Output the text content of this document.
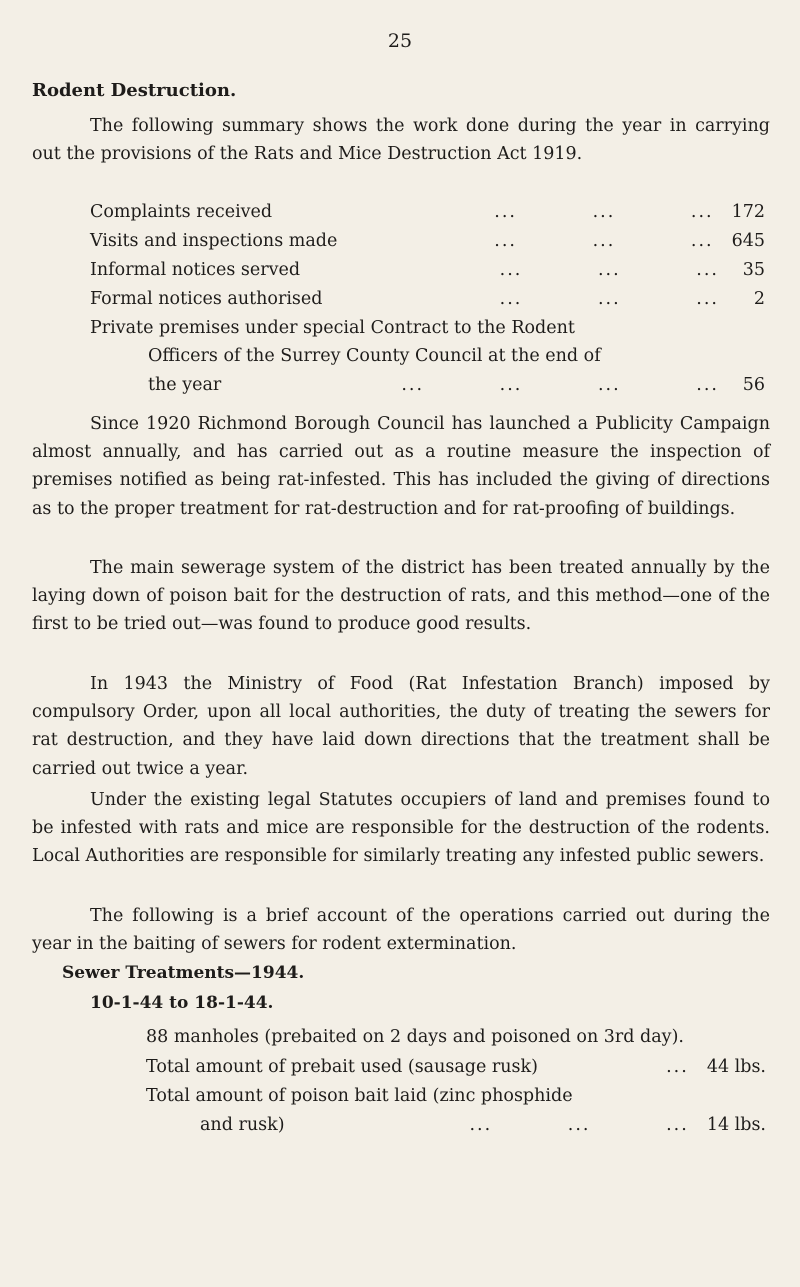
25
Rodent Destruction.

The following summary shows the work done during the year in carrying out the provisions of the Rats and Mice Destruction Act 1919.

Complaints received	...          ...          ...	172
Visits and inspections made	...          ...          ...	645
Informal notices served	...          ...          ...	35
Formal notices authorised	...          ...          ...	2
Private premises under special Contract to the Rodent
Officers of the Surrey County Council at the end of
the year	...          ...          ...          ...	56

Since 1920 Richmond Borough Council has launched a Publicity Campaign almost annually, and has carried out as a routine measure the inspection of premises notified as being rat-infested. This has included the giving of directions as to the proper treatment for rat-destruction and for rat-proofing of buildings.

The main sewerage system of the district has been treated annually by the laying down of poison bait for the destruction of rats, and this method—one of the first to be tried out—was found to produce good results.

In 1943 the Ministry of Food (Rat Infestation Branch) imposed by compulsory Order, upon all local authorities, the duty of treating the sewers for rat destruction, and they have laid down directions that the treatment shall be carried out twice a year.

Under the existing legal Statutes occupiers of land and premises found to be infested with rats and mice are responsible for the destruction of the rodents. Local Authorities are responsible for similarly treating any infested public sewers.

The following is a brief account of the operations carried out during the year in the baiting of sewers for rodent extermination.

Sewer Treatments—1944.
10-1-44 to 18-1-44.
88 manholes (prebaited on 2 days and poisoned on 3rd day).
Total amount of prebait used (sausage rusk)	...	44 lbs.
Total amount of poison bait laid (zinc phosphide
and rusk)	...          ...          ...	14 lbs.
